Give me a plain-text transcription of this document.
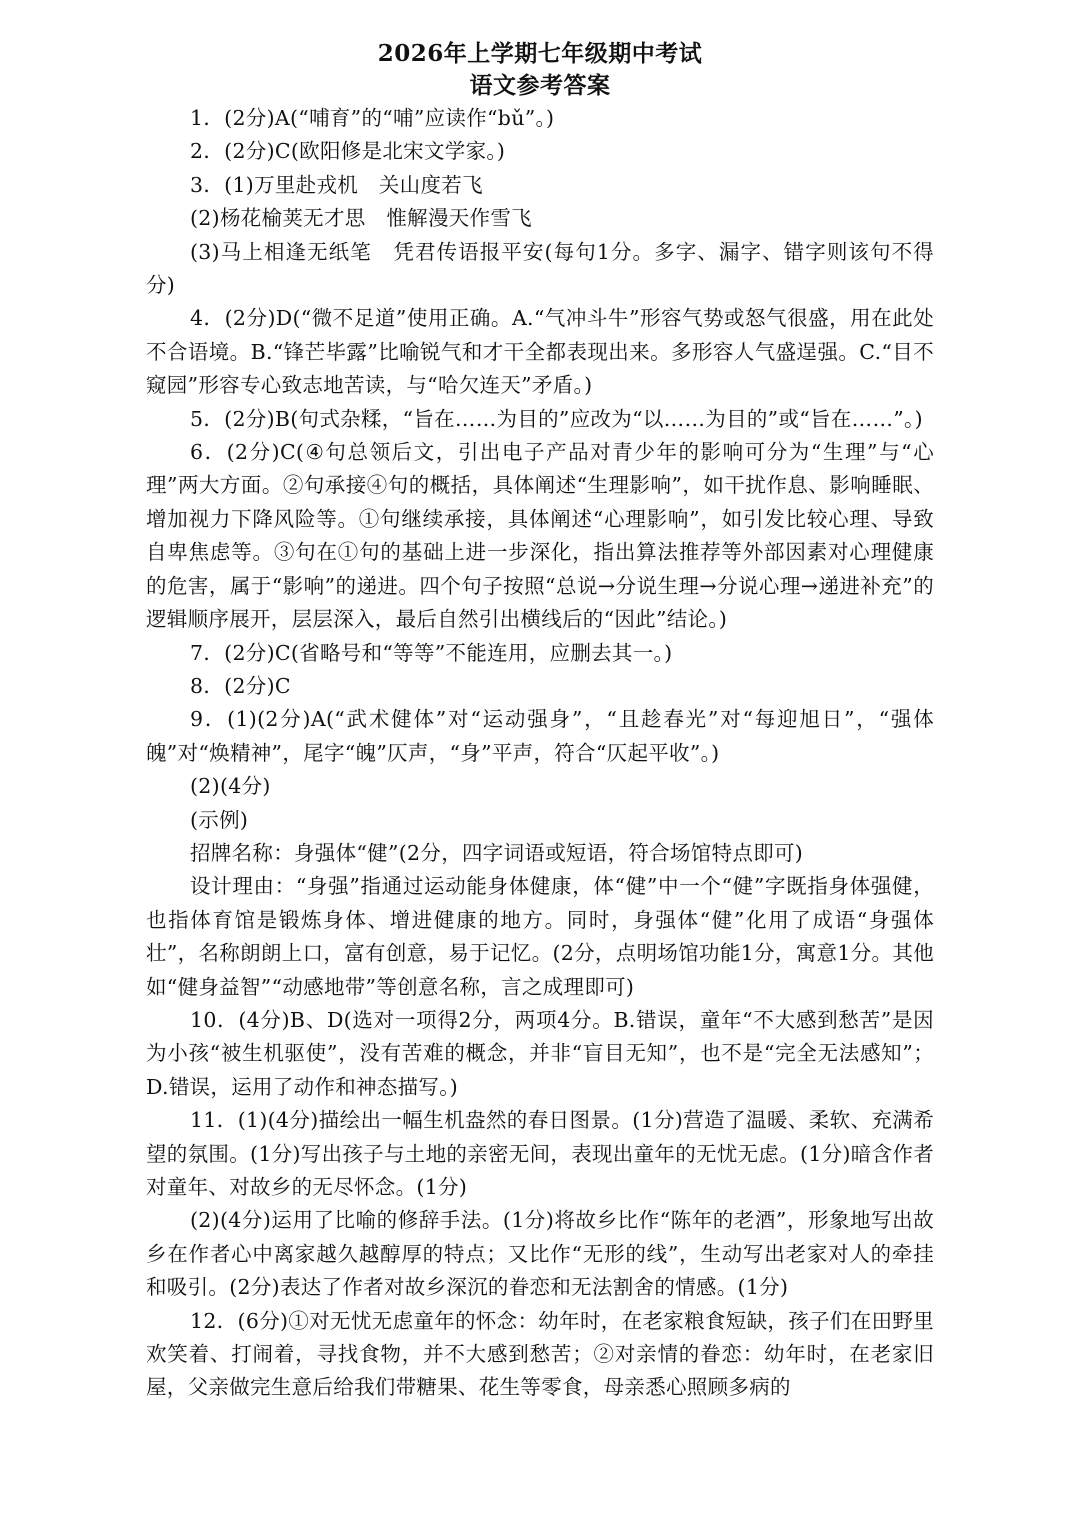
2026年上学期七年级期中考试
语文参考答案

1．(2分)A(“哺育”的“哺”应读作“bǔ”。)

2．(2分)C(欧阳修是北宋文学家。)

3．(1)万里赴戎机　关山度若飞

(2)杨花榆荚无才思　惟解漫天作雪飞

(3)马上相逢无纸笔　凭君传语报平安(每句1分。多字、漏字、错字则该句不得分)

4．(2分)D(“微不足道”使用正确。A.“气冲斗牛”形容气势或怒气很盛，用在此处不合语境。B.“锋芒毕露”比喻锐气和才干全都表现出来。多形容人气盛逞强。C.“目不窥园”形容专心致志地苦读，与“哈欠连天”矛盾。)

5．(2分)B(句式杂糅，“旨在……为目的”应改为“以……为目的”或“旨在……”。)

6．(2分)C(④句总领后文，引出电子产品对青少年的影响可分为“生理”与“心理”两大方面。②句承接④句的概括，具体阐述“生理影响”，如干扰作息、影响睡眠、增加视力下降风险等。①句继续承接，具体阐述“心理影响”，如引发比较心理、导致自卑焦虑等。③句在①句的基础上进一步深化，指出算法推荐等外部因素对心理健康的危害，属于“影响”的递进。四个句子按照“总说→分说生理→分说心理→递进补充”的逻辑顺序展开，层层深入，最后自然引出横线后的“因此”结论。)

7．(2分)C(省略号和“等等”不能连用，应删去其一。)

8．(2分)C

9．(1)(2分)A(“武术健体”对“运动强身”，“且趁春光”对“每迎旭日”，“强体魄”对“焕精神”，尾字“魄”仄声，“身”平声，符合“仄起平收”。)

(2)(4分)

(示例)

招牌名称：身强体“健”(2分，四字词语或短语，符合场馆特点即可)

设计理由：“身强”指通过运动能身体健康，体“健”中一个“健”字既指身体强健，也指体育馆是锻炼身体、增进健康的地方。同时，身强体“健”化用了成语“身强体壮”，名称朗朗上口，富有创意，易于记忆。(2分，点明场馆功能1分，寓意1分。其他如“健身益智”“动感地带”等创意名称，言之成理即可)

10．(4分)B、D(选对一项得2分，两项4分。B.错误，童年“不大感到愁苦”是因为小孩“被生机驱使”，没有苦难的概念，并非“盲目无知”，也不是“完全无法感知”；D.错误，运用了动作和神态描写。)

11．(1)(4分)描绘出一幅生机盎然的春日图景。(1分)营造了温暖、柔软、充满希望的氛围。(1分)写出孩子与土地的亲密无间，表现出童年的无忧无虑。(1分)暗含作者对童年、对故乡的无尽怀念。(1分)

(2)(4分)运用了比喻的修辞手法。(1分)将故乡比作“陈年的老酒”，形象地写出故乡在作者心中离家越久越醇厚的特点；又比作“无形的线”，生动写出老家对人的牵挂和吸引。(2分)表达了作者对故乡深沉的眷恋和无法割舍的情感。(1分)

12．(6分)①对无忧无虑童年的怀念：幼年时，在老家粮食短缺，孩子们在田野里欢笑着、打闹着，寻找食物，并不大感到愁苦；②对亲情的眷恋：幼年时，在老家旧屋，父亲做完生意后给我们带糖果、花生等零食，母亲悉心照顾多病的
